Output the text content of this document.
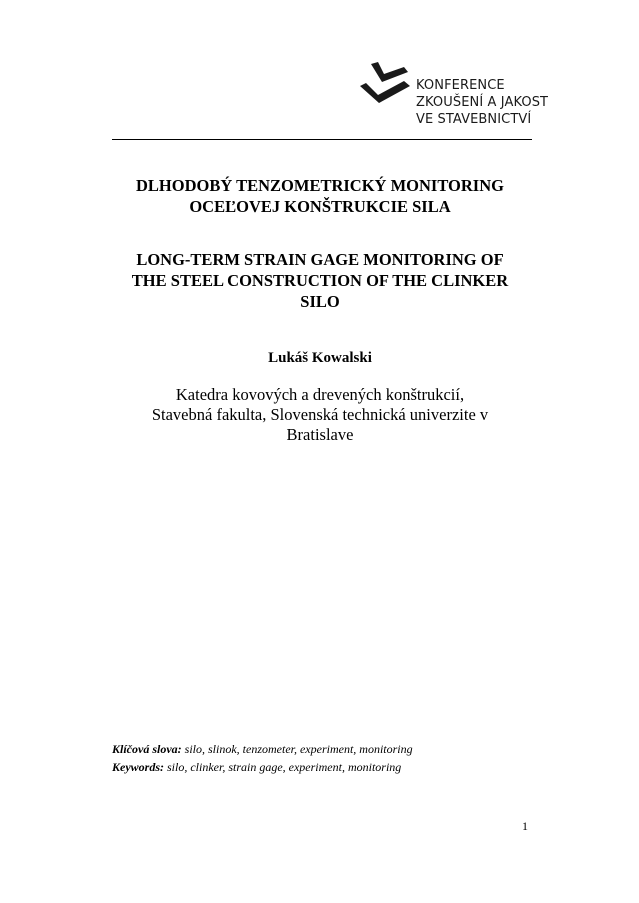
KONFERENCE
ZKOUŠENÍ A JAKOST
VE STAVEBNICTVÍ
DLHODOBÝ TENZOMETRICKÝ MONITORING
OCEĽOVEJ KONŠTRUKCIE SILA
LONG-TERM STRAIN GAGE MONITORING OF
THE STEEL CONSTRUCTION OF THE CLINKER
SILO
Lukáš Kowalski
Katedra kovových a drevených konštrukcií,
Stavebná fakulta, Slovenská technická univerzite v
Bratislave
Klíčová slova: silo, slinok, tenzometer, experiment, monitoring
Keywords: silo, clinker, strain gage, experiment, monitoring
1
